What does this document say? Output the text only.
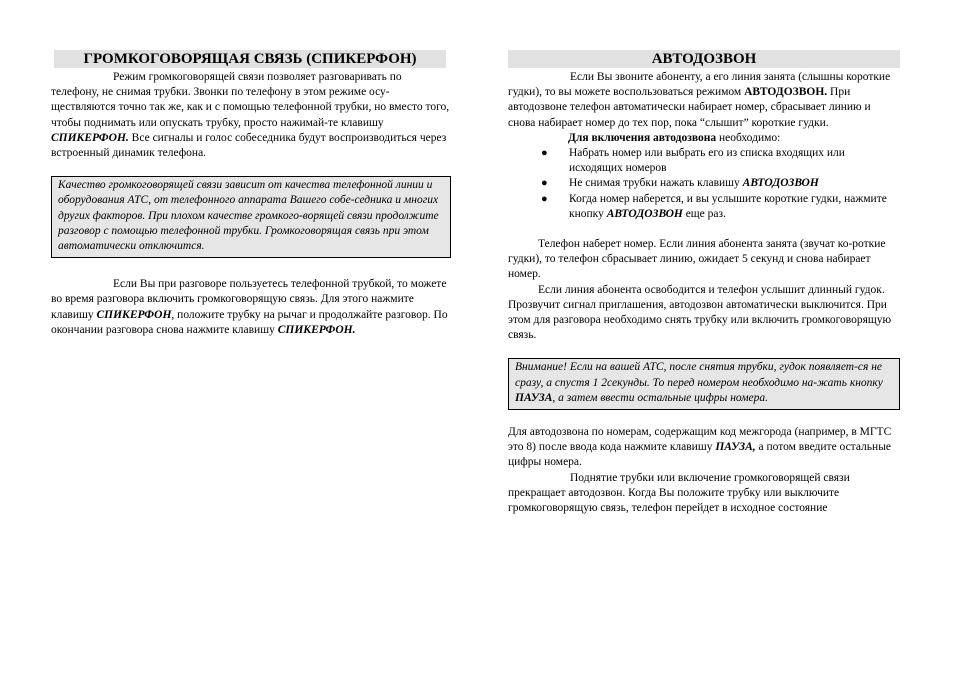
ГРОМКОГОВОРЯЩАЯ СВЯЗЬ (СПИКЕРФОН)

Режим громкоговорящей связи позволяет разговаривать по телефону, не снимая трубки. Звонки по телефону в этом режиме осу-ществляются точно так же, как и с помощью телефонной трубки, но вместо того, чтобы поднимать или опускать трубку, просто нажимай-те клавишу СПИКЕРФОН. Все сигналы и голос собеседника будут воспроизводиться через встроенный динамик телефона.

Качество громкоговорящей связи зависит от качества телефонной линии и оборудования АТС, от телефонного аппарата Вашего собе-седника и многих других факторов. При плохом качестве громкого-ворящей связи продолжите разговор с помощью телефонной трубки. Громкоговорящая связь при этом автоматически отключится.

Если Вы при разговоре пользуетесь телефонной трубкой, то можете во время разговора включить громкоговорящую связь. Для этого нажмите клавишу СПИКЕРФОН, положите трубку на рычаг и продолжайте разговор. По окончании разговора снова нажмите клавишу СПИКЕРФОН.

АВТОДОЗВОН

Если Вы звоните абоненту, а его линия занята (слышны короткие гудки), то вы можете воспользоваться режимом АВТОДОЗВОН. При автодозвоне телефон автоматически набирает номер, сбрасывает линию и снова набирает номер до тех пор, пока “слышит” короткие гудки.

Для включения автодозвона необходимо:

● Набрать номер или выбрать его из списка входящих или исходящих номеров
● Не снимая трубки нажать клавишу АВТОДОЗВОН
● Когда номер наберется, и вы услышите короткие гудки, нажмите кнопку АВТОДОЗВОН еще раз.

Телефон наберет номер. Если линия абонента занята (звучат ко-роткие гудки), то телефон сбрасывает линию, ожидает 5 секунд и снова набирает номер.

Если линия абонента освободится и телефон услышит длинный гудок. Прозвучит сигнал приглашения, автодозвон автоматически выключится. При этом для разговора необходимо снять трубку или включить громкоговорящую связь.

Внимание! Если на вашей АТС, после снятия трубки, гудок появляет-ся не сразу, а спустя 1 2секунды. То перед номером необходимо на-жать кнопку ПАУЗА, а затем ввести остальные цифры номера.

Для автодозвона по номерам, содержащим код межгорода (например, в МГТС это 8) после ввода кода нажмите клавишу ПАУЗА, а потом введите остальные цифры номера.

Поднятие трубки или включение громкоговорящей связи прекращает автодозвон. Когда Вы положите трубку или выключите громкоговорящую связь, телефон перейдет в исходное состояние
